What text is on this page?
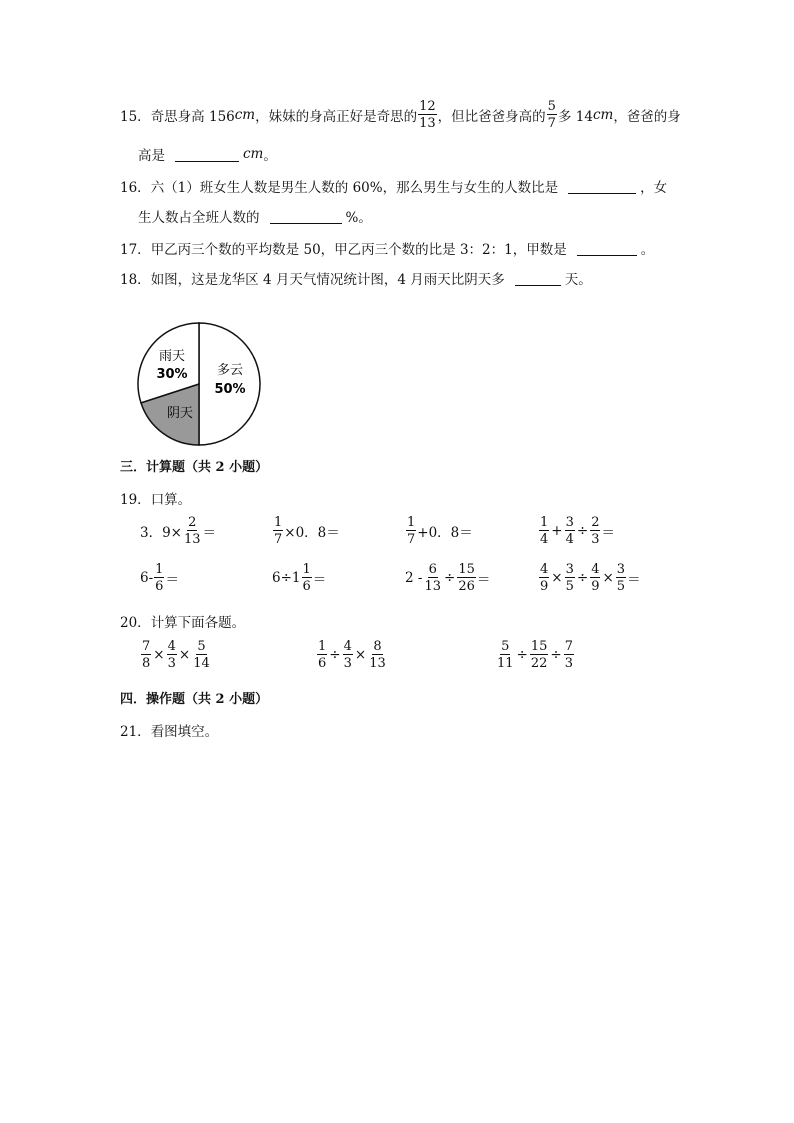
15． 奇思身高 156 cm ，妹妹的身高正好是奇思的 $\frac{12}{13}$ ，但比爸爸身高的 $\frac{5}{7}$ 多 14 cm ，爸爸的身
高是	cm 。
16． 六（1）班女生人数是男生人数的 60%，那么男生与女生的人数比是	，女
生人数占全班人数的	%。
17． 甲乙丙三个数的平均数是 50，甲乙丙三个数的比是 3：2：1，甲数是	。
18． 如图，这是龙华区 4 月天气情况统计图，4 月雨天比阴天多	天。
雨天
30% 多云
50%
阴天
三．计算题（共 2 小题）
19．口算。
3．$9\times \frac{2}{13}$ ＝	$\frac{1}{7} \times 0$．8 ＝	$\frac{1}{7} +0$．8 ＝	$\frac{1}{4} + \frac{3}{4} \div \frac{2}{3}$ ＝
$6- \frac{1}{6}$ ＝	$6\div 1 \frac{1}{6}$ ＝	$2 - \frac{6}{13} \div \frac{15}{26}$ ＝	$\frac{4}{9} \times \frac{3}{5} \div \frac{4}{9} \times \frac{3}{5}$ ＝
20．计算下面各题。
$\frac{7}{8} \times \frac{4}{3} \times \frac{5}{14}$	$\frac{1}{6} \div \frac{4}{3} \times \frac{8}{13}$	$\frac{5}{11} \div \frac{15}{22} \div \frac{7}{3}$
四．操作题（共 2 小题）
21．看图填空。
